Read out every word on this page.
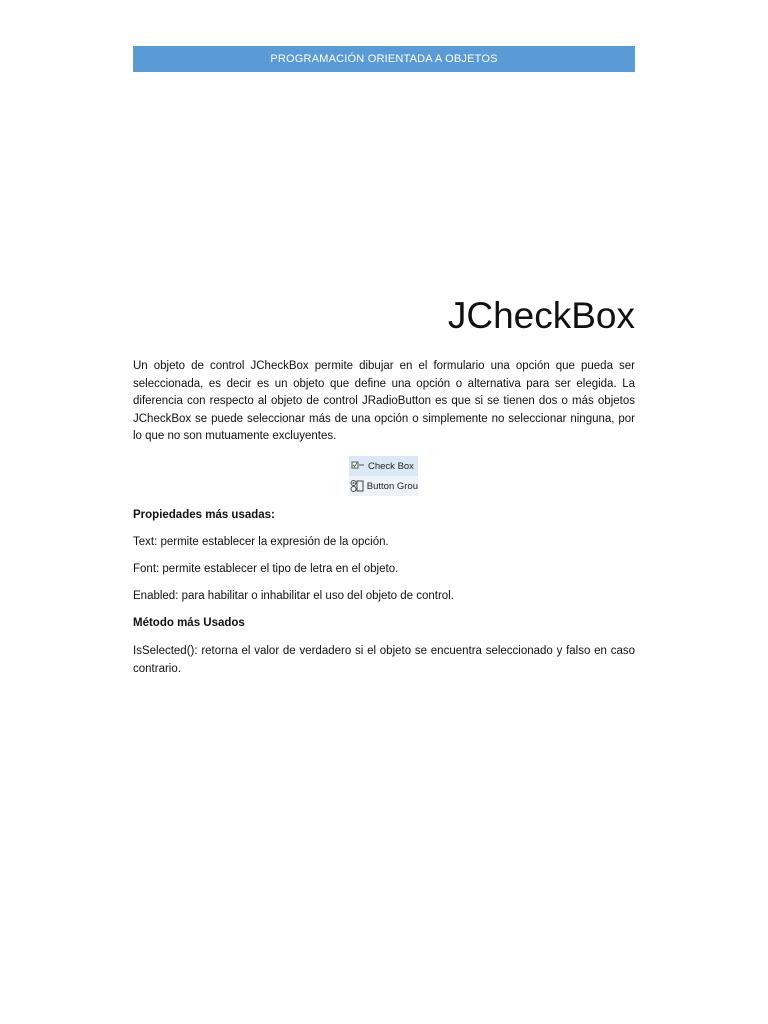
PROGRAMACIÓN ORIENTADA A OBJETOS
JCheckBox

Un objeto de control JCheckBox permite dibujar en el formulario una opción que pueda ser seleccionada, es decir es un objeto que define una opción o alternativa para ser elegida. La diferencia con respecto al objeto de control JRadioButton es que si se tienen dos o más objetos JCheckBox se puede seleccionar más de una opción o simplemente no seleccionar ninguna, por lo que no son mutuamente excluyentes.

Check Box
Button Grou

Propiedades más usadas:

Text: permite establecer la expresión de la opción.

Font: permite establecer el tipo de letra en el objeto.

Enabled: para habilitar o inhabilitar el uso del objeto de control.

Método más Usados

IsSelected(): retorna el valor de verdadero si el objeto se encuentra seleccionado y falso en caso contrario.
